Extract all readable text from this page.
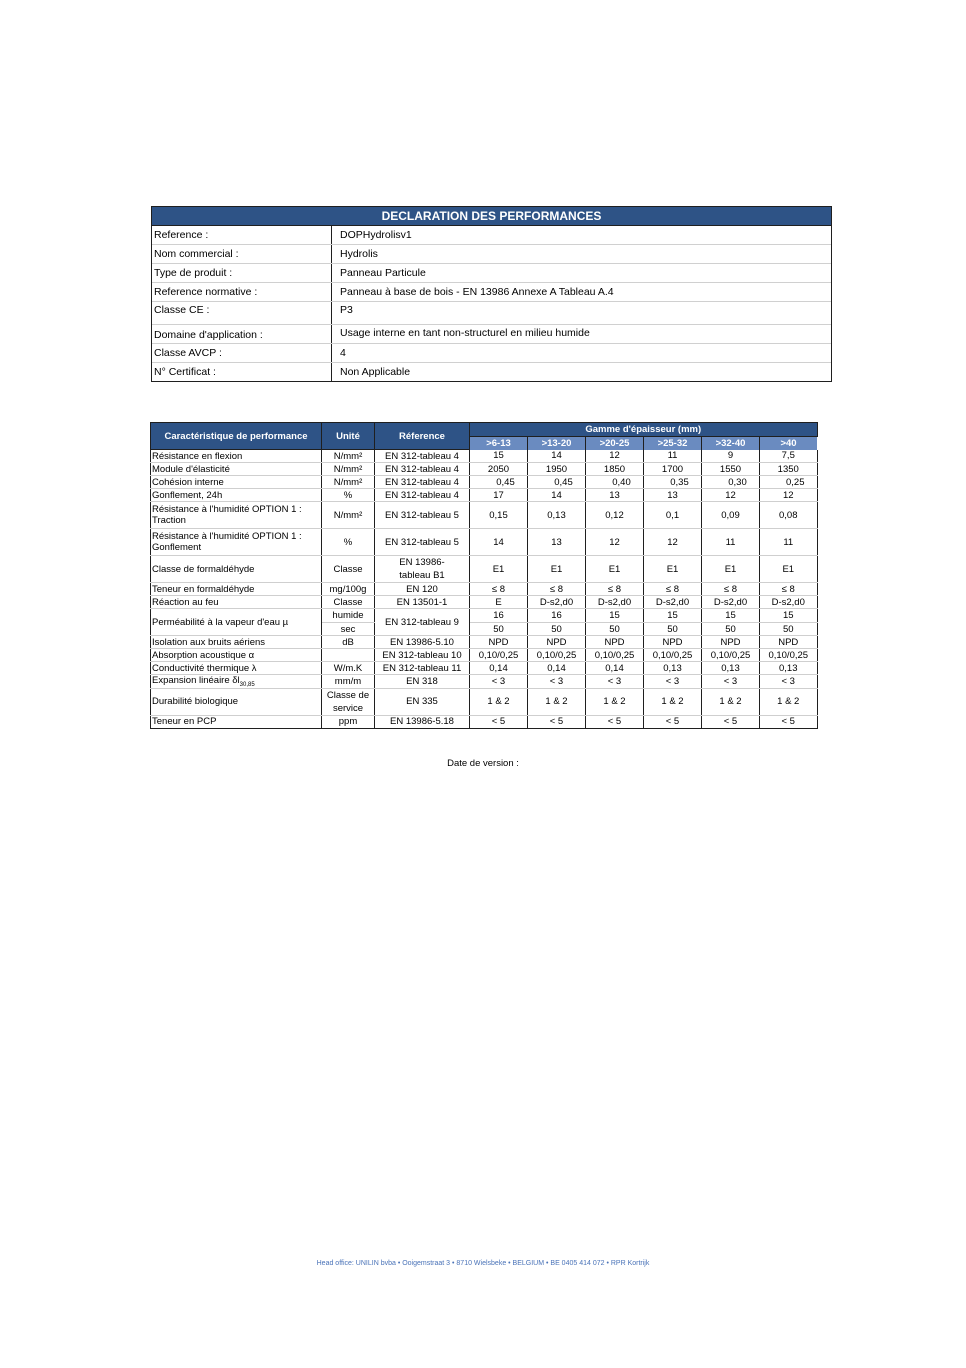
DECLARATION DES PERFORMANCES
Reference :	DOPHydrolisv1
Nom commercial :	Hydrolis
Type de produit :	Panneau Particule
Reference normative :	Panneau à base de bois - EN 13986 Annexe A Tableau A.4
Classe CE :	P3
Domaine d'application :	Usage interne en tant non-structurel en milieu humide
Classe AVCP :	4
N° Certificat :	Non Applicable
Caractéristique de performance	Unité	Réference	Gamme d'épaisseur (mm)					
			>6-13	>13-20	>20-25	>25-32	>32-40	>40
Résistance en flexion	N/mm²	EN 312-tableau 4	15	14	12	11	9	7,5
Module d'élasticité	N/mm²	EN 312-tableau 4	2050	1950	1850	1700	1550	1350
Cohésion interne	N/mm²	EN 312-tableau 4	0,45	0,45	0,40	0,35	0,30	0,25
Gonflement, 24h	%	EN 312-tableau 4	17	14	13	13	12	12
Résistance à l'humidité OPTION 1 :
Traction	N/mm²	EN 312-tableau 5	0,15	0,13	0,12	0,1	0,09	0,08
Résistance à l'humidité OPTION 1 :
Gonflement	%	EN 312-tableau 5	14	13	12	12	11	11
Classe de formaldéhyde	Classe	EN 13986-tableau B1	E1	E1	E1	E1	E1	E1
Teneur en formaldéhyde	mg/100g	EN 120	≤ 8	≤ 8	≤ 8	≤ 8	≤ 8	≤ 8
Réaction au feu	Classe	EN 13501-1	E	D-s2,d0	D-s2,d0	D-s2,d0	D-s2,d0	D-s2,d0
Perméabilité à la vapeur d'eau µ	humide	EN 312-tableau 9	16	16	15	15	15	15
	sec		50	50	50	50	50	50
Isolation aux bruits aériens	dB	EN 13986-5.10	NPD	NPD	NPD	NPD	NPD	NPD
Absorption acoustique α		EN 312-tableau 10	0,10/0,25	0,10/0,25	0,10/0,25	0,10/0,25	0,10/0,25	0,10/0,25
Conductivité thermique λ	W/m.K	EN 312-tableau 11	0,14	0,14	0,14	0,13	0,13	0,13
Expansion linéaire $\delta l_{30,85}$	mm/m	EN 318	< 3	< 3	< 3	< 3	< 3	< 3
Durabilité biologique	Classe de service	EN 335	1 & 2	1 & 2	1 & 2	1 & 2	1 & 2	1 & 2
Teneur en PCP	ppm	EN 13986-5.18	< 5	< 5	< 5	< 5	< 5	< 5
Date de version :
Head office: UNILIN bvba • Ooigemstraat 3 • 8710 Wielsbeke • BELGIUM • BE 0405 414 072 • RPR Kortrijk
